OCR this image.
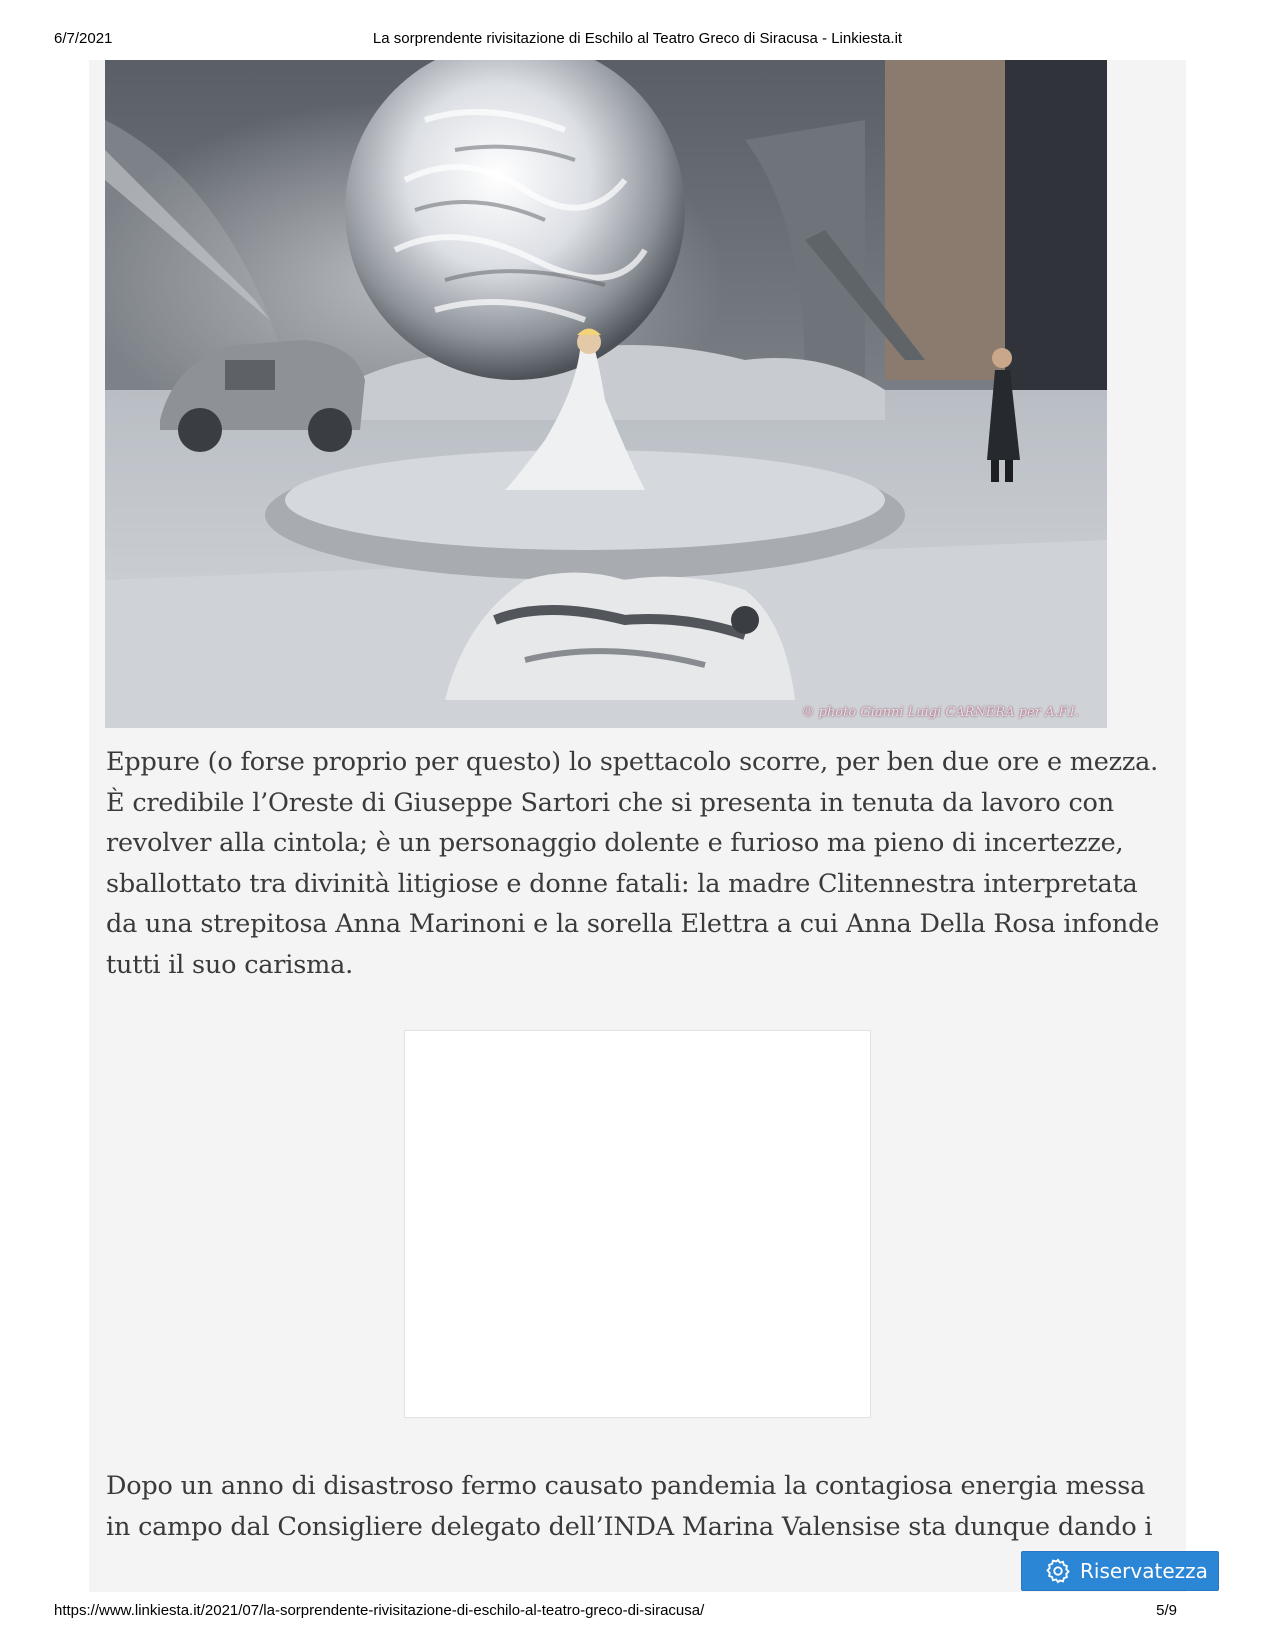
6/7/2021	La sorprendente rivisitazione di Eschilo al Teatro Greco di Siracusa - Linkiesta.it
© photo Gianni Luigi CARNERA per A.F.I.

Eppure (o forse proprio per questo) lo spettacolo scorre, per ben due ore e mezza. È credibile l’Oreste di Giuseppe Sartori che si presenta in tenuta da lavoro con revolver alla cintola; è un personaggio dolente e furioso ma pieno di incertezze, sballottato tra divinità litigiose e donne fatali: la madre Clitennestra interpretata da una strepitosa Anna Marinoni e la sorella Elettra a cui Anna Della Rosa infonde tutti il suo carisma.

Dopo un anno di disastroso fermo causato pandemia la contagiosa energia messa in campo dal Consigliere delegato dell’INDA Marina Valensise sta dunque dando i

Riservatezza
https://www.linkiesta.it/2021/07/la-sorprendente-rivisitazione-di-eschilo-al-teatro-greco-di-siracusa/	5/9
